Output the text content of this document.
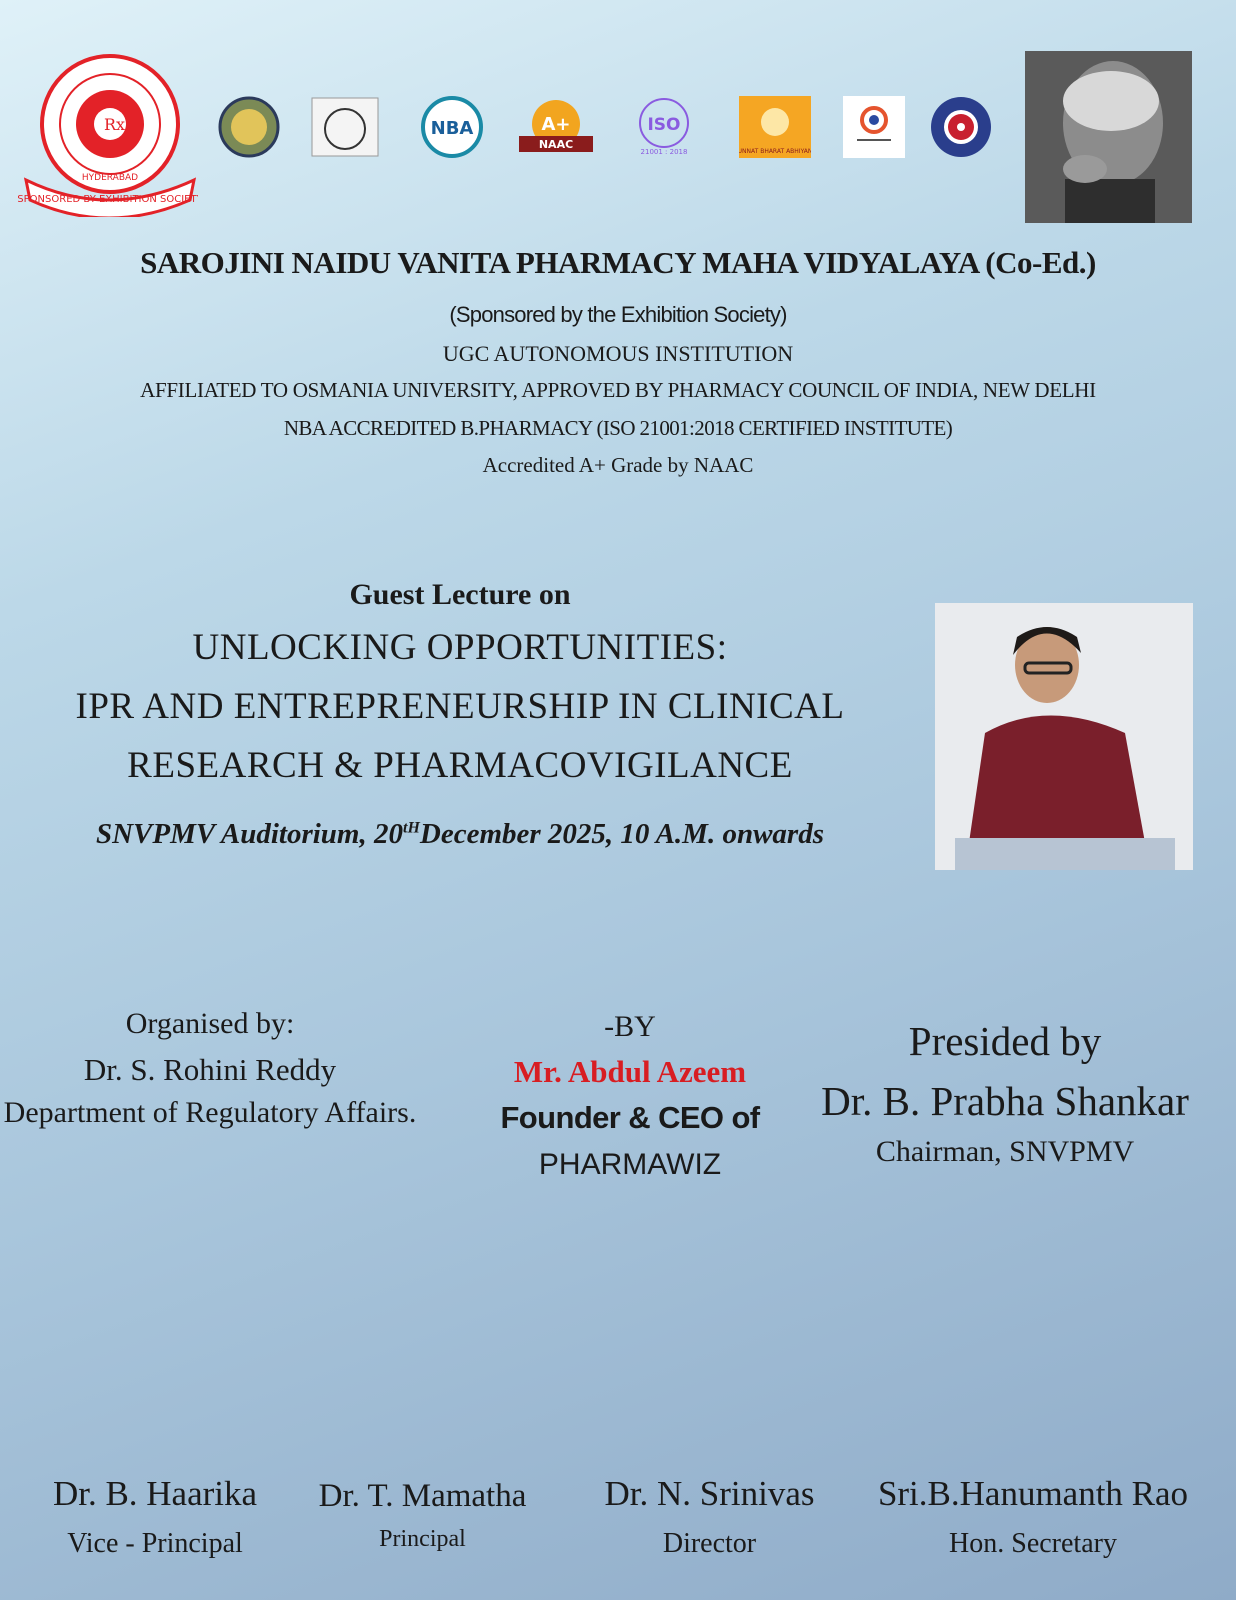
Rx
SPONSORED BY EXHIBITION SOCIETY
HYDERABAD
NBA	A+
NAAC
ISO
21001 : 2018	UNNAT BHARAT ABHIYAN
SAROJINI NAIDU VANITA PHARMACY MAHA VIDYALAYA (Co-Ed.)
(Sponsored by the Exhibition Society)
UGC AUTONOMOUS INSTITUTION
AFFILIATED TO OSMANIA UNIVERSITY, APPROVED BY PHARMACY COUNCIL OF INDIA, NEW DELHI
NBA ACCREDITED B.PHARMACY (ISO 21001:2018 CERTIFIED INSTITUTE)
Accredited A+ Grade by NAAC
Guest Lecture on
UNLOCKING OPPORTUNITIES:
IPR AND ENTREPRENEURSHIP IN CLINICAL
RESEARCH & PHARMACOVIGILANCE
SNVPMV Auditorium, 20tHDecember 2025, 10 A.M. onwards
Organised by:
Dr. S. Rohini Reddy
Department of Regulatory Affairs.
-BY
Mr. Abdul Azeem
Founder & CEO of
PHARMAWIZ
Presided by
Dr. B. Prabha Shankar
Chairman, SNVPMV
Dr. B. Haarika
Vice - Principal
Dr. T. Mamatha
Principal
Dr. N. Srinivas
Director
Sri.B.Hanumanth Rao
Hon. Secretary
